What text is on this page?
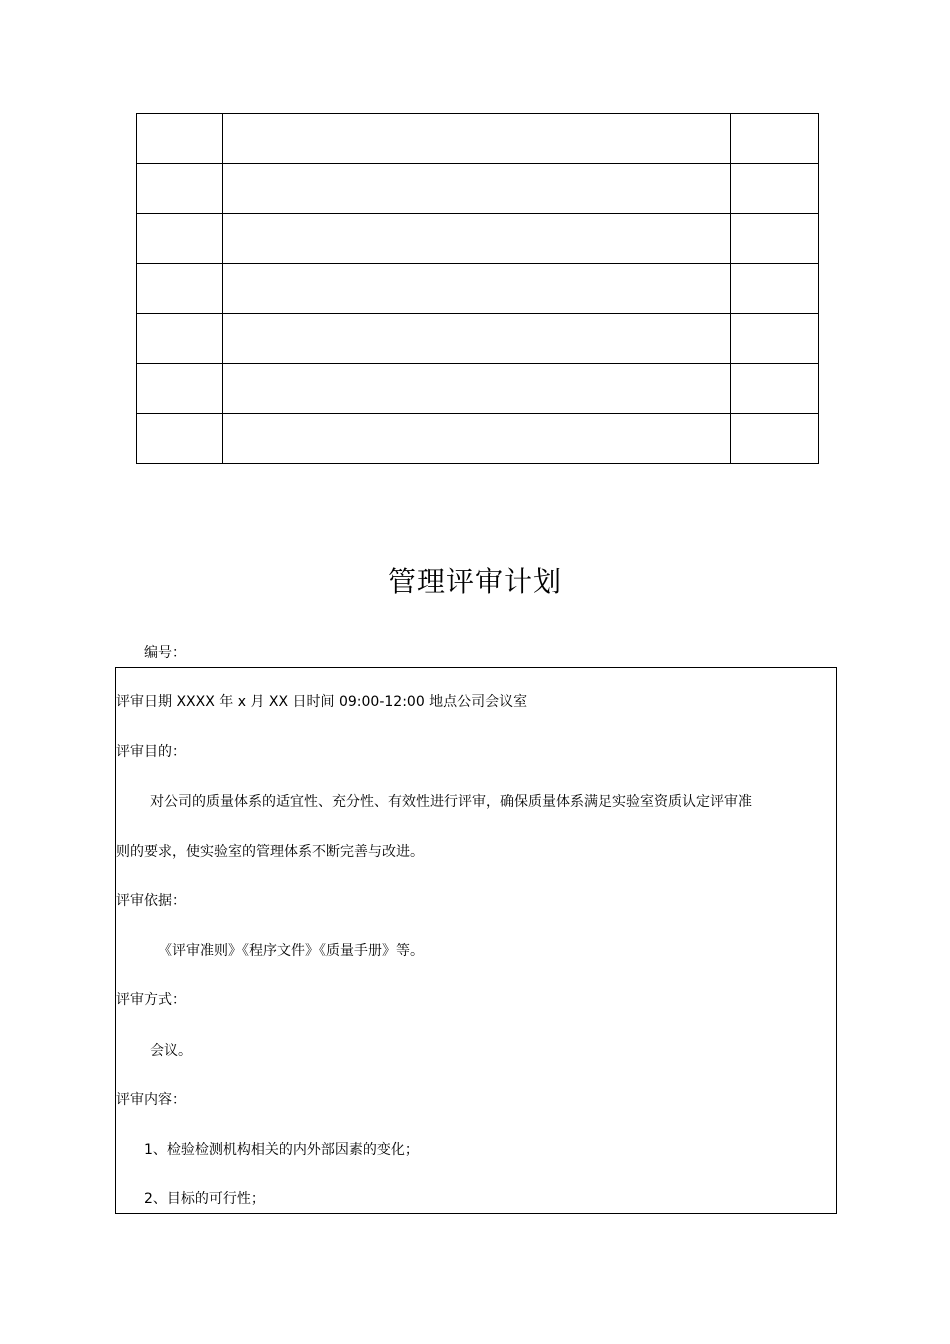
管理评审计划
编号：
评审日期 XXXX 年 x 月 XX 日时间 09:00-12:00 地点公司会议室
评审目的：
对公司的质量体系的适宜性、充分性、有效性进行评审，确保质量体系满足实验室资质认定评审准
则的要求，使实验室的管理体系不断完善与改进。
评审依据：
《评审准则》《程序文件》《质量手册》等。
评审方式：
会议。
评审内容：
1、检验检测机构相关的内外部因素的变化；
2、目标的可行性；
